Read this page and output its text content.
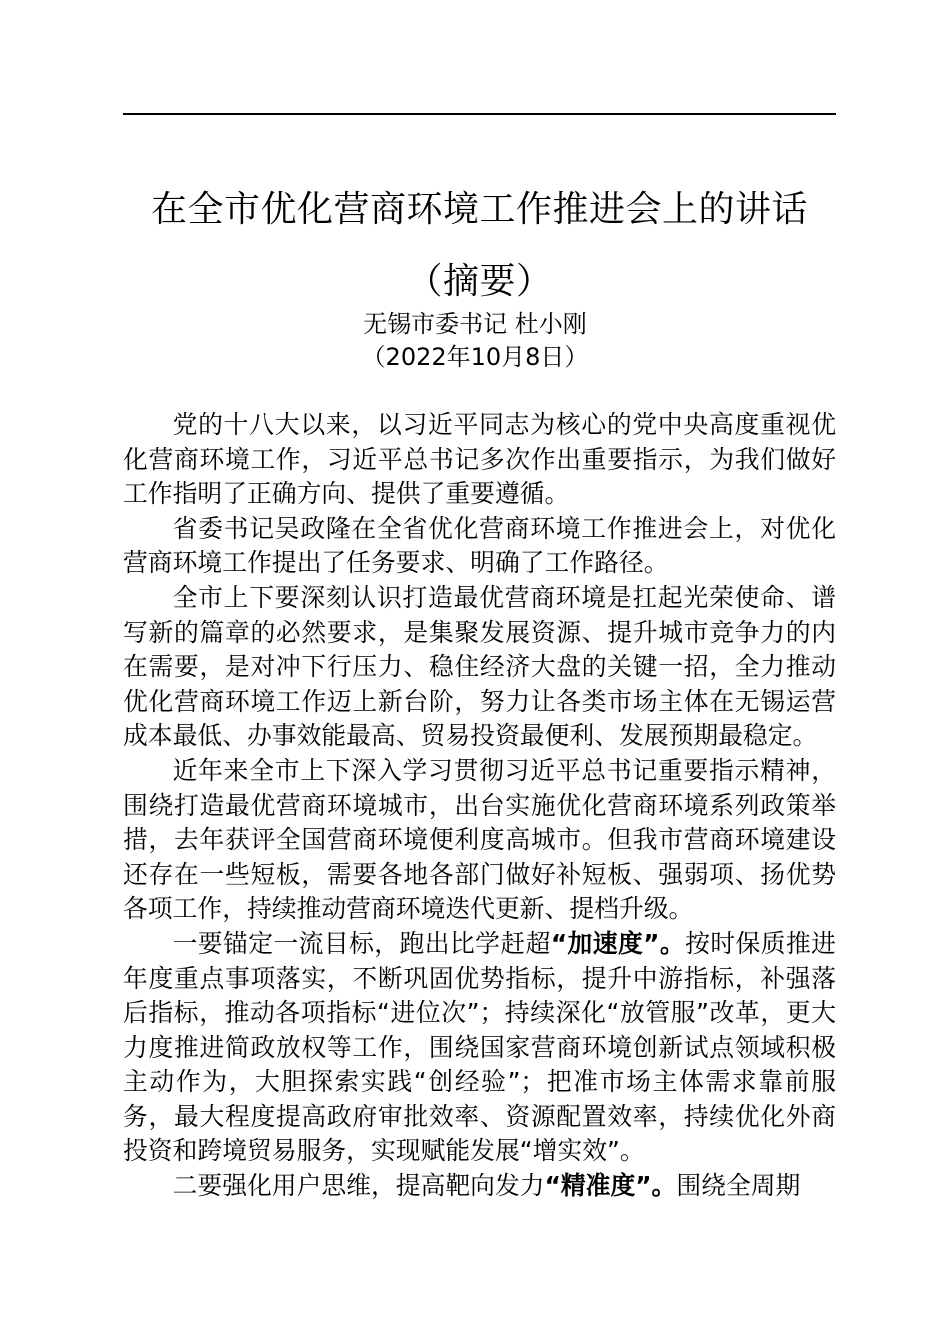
在全市优化营商环境工作推进会上的讲话（摘要）
无锡市委书记 杜小刚
（2022年10月8日）

党的十八大以来，以习近平同志为核心的党中央高度重视优化营商环境工作，习近平总书记多次作出重要指示，为我们做好工作指明了正确方向、提供了重要遵循。

省委书记吴政隆在全省优化营商环境工作推进会上，对优化营商环境工作提出了任务要求、明确了工作路径。

全市上下要深刻认识打造最优营商环境是扛起光荣使命、谱写新的篇章的必然要求，是集聚发展资源、提升城市竞争力的内在需要，是对冲下行压力、稳住经济大盘的关键一招，全力推动优化营商环境工作迈上新台阶，努力让各类市场主体在无锡运营成本最低、办事效能最高、贸易投资最便利、发展预期最稳定。

近年来全市上下深入学习贯彻习近平总书记重要指示精神，围绕打造最优营商环境城市，出台实施优化营商环境系列政策举措，去年获评全国营商环境便利度高城市。但我市营商环境建设还存在一些短板，需要各地各部门做好补短板、强弱项、扬优势各项工作，持续推动营商环境迭代更新、提档升级。

一要锚定一流目标，跑出比学赶超“加速度”。按时保质推进年度重点事项落实，不断巩固优势指标，提升中游指标，补强落后指标，推动各项指标“进位次”；持续深化“放管服”改革，更大力度推进简政放权等工作，围绕国家营商环境创新试点领域积极主动作为，大胆探索实践“创经验”；把准市场主体需求靠前服务，最大程度提高政府审批效率、资源配置效率，持续优化外商投资和跨境贸易服务，实现赋能发展“增实效”。

二要强化用户思维，提高靶向发力“精准度”。围绕全周期
